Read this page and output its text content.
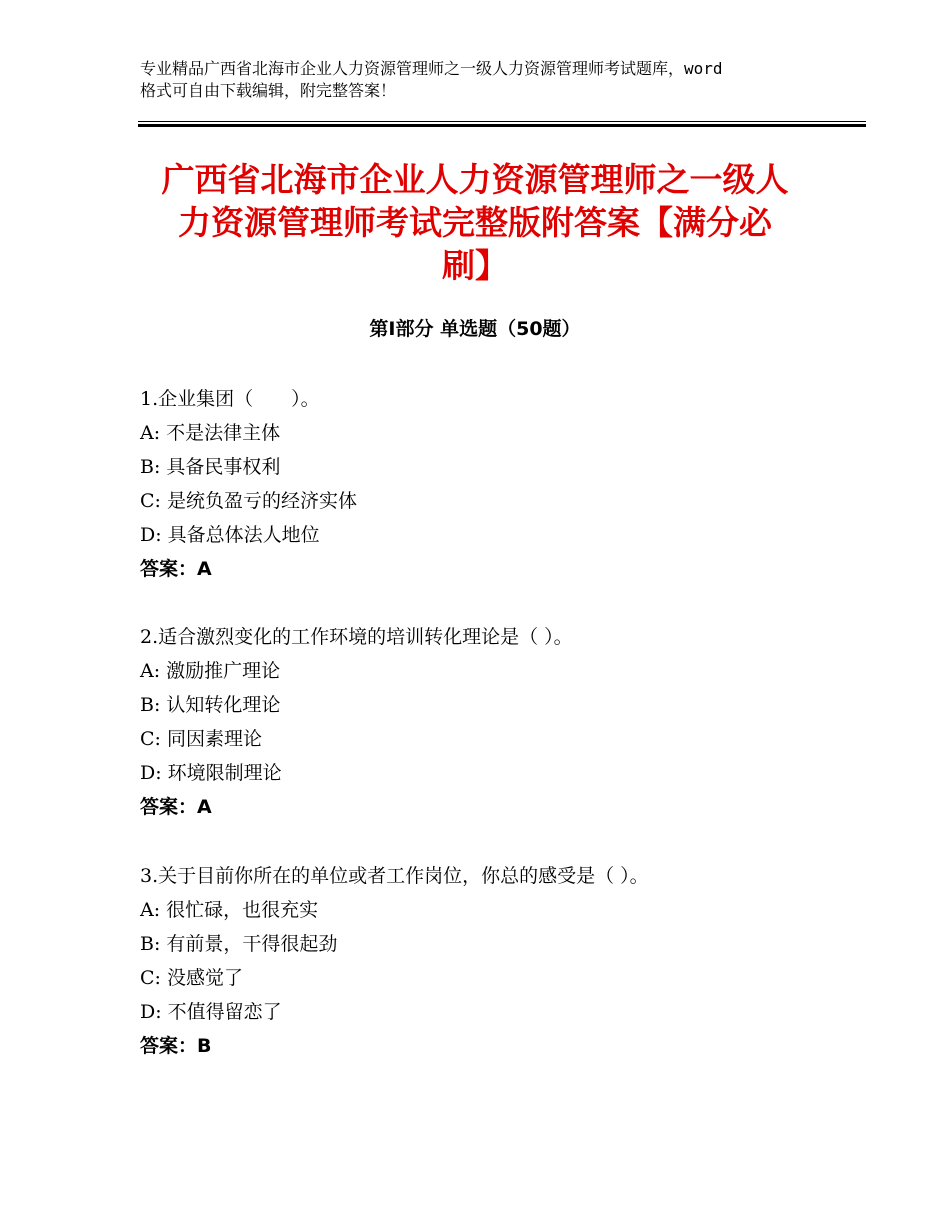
专业精品广西省北海市企业人力资源管理师之一级人力资源管理师考试题库，word
格式可自由下载编辑，附完整答案！
广西省北海市企业人力资源管理师之一级人
力资源管理师考试完整版附答案【满分必
刷】
第Ⅰ部分 单选题（50题）
1.企业集团（　　）。
A: 不是法律主体
B: 具备民事权利
C: 是统负盈亏的经济实体
D: 具备总体法人地位
答案：A
2.适合激烈变化的工作环境的培训转化理论是（ ）。
A: 激励推广理论
B: 认知转化理论
C: 同因素理论
D: 环境限制理论
答案：A
3.关于目前你所在的单位或者工作岗位，你总的感受是（ ）。
A: 很忙碌，也很充实
B: 有前景，干得很起劲
C: 没感觉了
D: 不值得留恋了
答案：B
